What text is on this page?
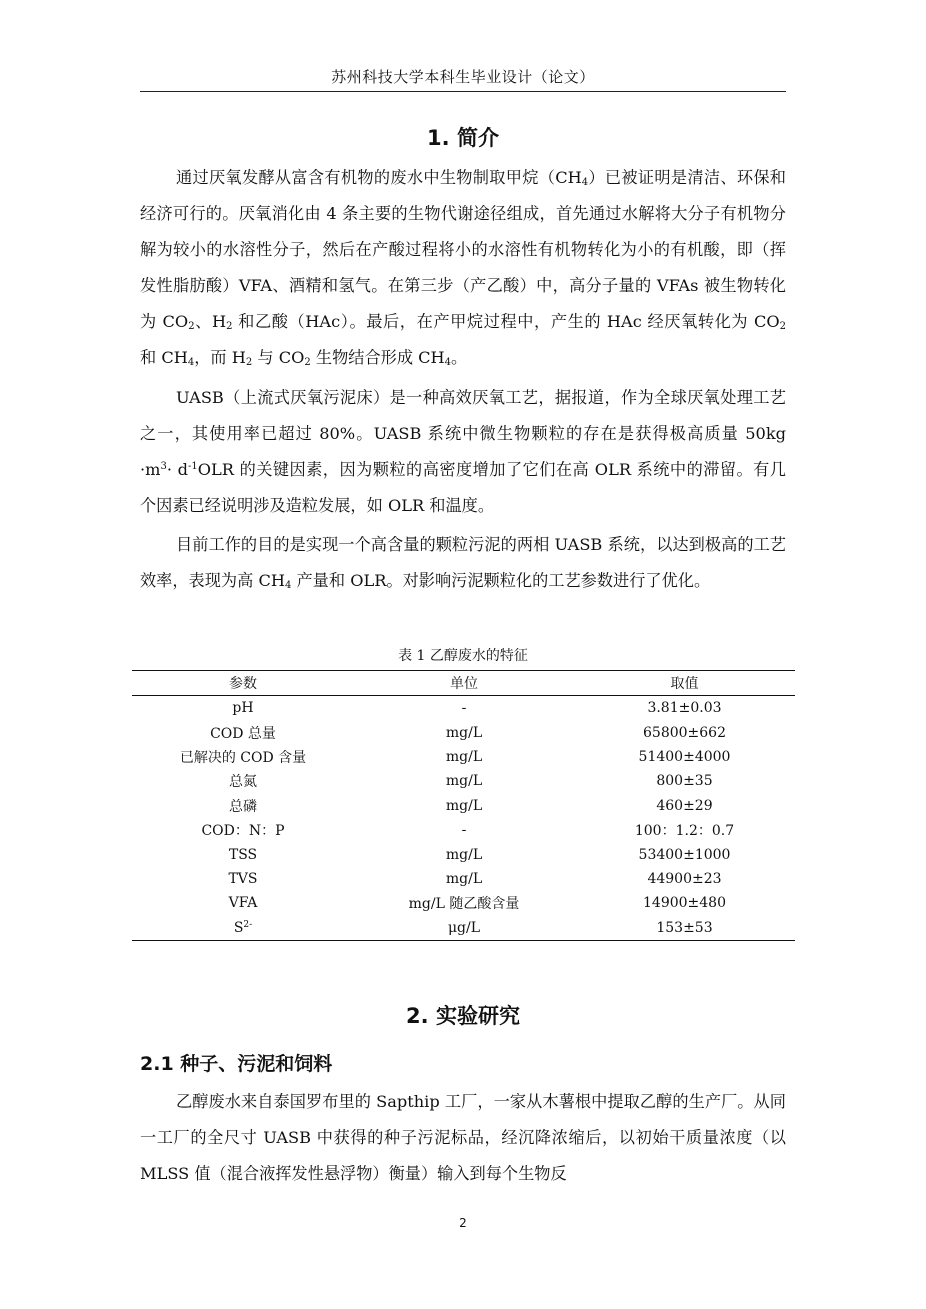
苏州科技大学本科生毕业设计（论文）
1. 简介

通过厌氧发酵从富含有机物的废水中生物制取甲烷$(CH_4)$已被证明是清洁、环保和经济可行的。厌氧消化由 4 条主要的生物代谢途径组成，首先通过水解将大分子有机物分解为较小的水溶性分子，然后在产酸过程将小的水溶性有机物转化为小的有机酸，即（挥发性脂肪酸）VFA、酒精和氢气。在第三步（产乙酸）中，高分子量的 VFAs 被生物转化为 $CO_2$、$H_2$ 和乙酸（HAc）。最后，在产甲烷过程中，产生的 HAc 经厌氧转化为 $CO_2$ 和 $CH_4$，而 $H_2$ 与 $CO_2$ 生物结合形成 $CH_4$。

UASB（上流式厌氧污泥床）是一种高效厌氧工艺，据报道，作为全球厌氧处理工艺之一，其使用率已超过 80%。UASB 系统中微生物颗粒的存在是获得极高质量 $50kg \cdot m^3\cdot d^{-1}OLR$ 的关键因素，因为颗粒的高密度增加了它们在高 OLR 系统中的滞留。有几个因素已经说明涉及造粒发展，如 OLR 和温度。

目前工作的目的是实现一个高含量的颗粒污泥的两相 UASB 系统，以达到极高的工艺效率，表现为高 $CH_4$ 产量和 OLR。对影响污泥颗粒化的工艺参数进行了优化。

表 1 乙醇废水的特征
参数	单位	取值
pH	-	3.81±0.03
COD 总量	mg/L	65800±662
已解决的 COD 含量	mg/L	51400±4000
总氮	mg/L	800±35
总磷	mg/L	460±29
COD：N：P	-	100：1.2：0.7
TSS	mg/L	53400±1000
TVS	mg/L	44900±23
VFA	mg/L 随乙酸含量	14900±480
$S^{2-}$	μg/L	153±53
2. 实验研究
2.1 种子、污泥和饲料

乙醇废水来自泰国罗布里的 Sapthip 工厂，一家从木薯根中提取乙醇的生产厂。从同一工厂的全尺寸 UASB 中获得的种子污泥标品，经沉降浓缩后，以初始干质量浓度（以 MLSS 值（混合液挥发性悬浮物）衡量）输入到每个生物反

2
